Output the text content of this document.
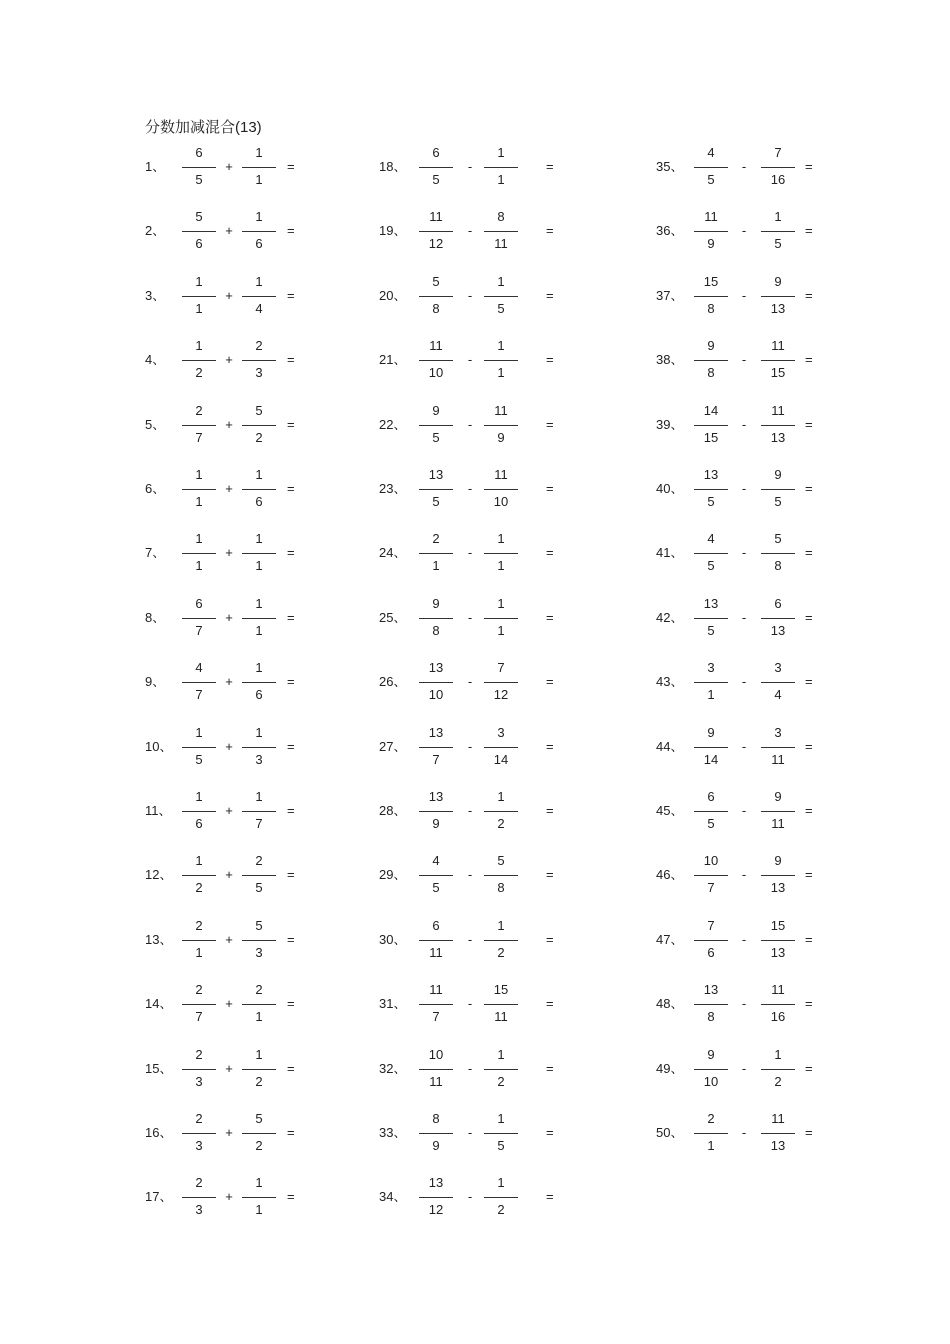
分数加减混合(13)
1、
6
5
+
1
1
=
2、
5
6
+
1
6
=
3、
1
1
+
1
4
=
4、
1
2
+
2
3
=
5、
2
7
+
5
2
=
6、
1
1
+
1
6
=
7、
1
1
+
1
1
=
8、
6
7
+
1
1
=
9、
4
7
+
1
6
=
10、
1
5
+
1
3
=
11、
1
6
+
1
7
=
12、
1
2
+
2
5
=
13、
2
1
+
5
3
=
14、
2
7
+
2
1
=
15、
2
3
+
1
2
=
16、
2
3
+
5
2
=
17、
2
3
+
1
1
=
18、
6
5
-
1
1
=
19、
11
12
-
8
11
=
20、
5
8
-
1
5
=
21、
11
10
-
1
1
=
22、
9
5
-
11
9
=
23、
13
5
-
11
10
=
24、
2
1
-
1
1
=
25、
9
8
-
1
1
=
26、
13
10
-
7
12
=
27、
13
7
-
3
14
=
28、
13
9
-
1
2
=
29、
4
5
-
5
8
=
30、
6
11
-
1
2
=
31、
11
7
-
15
11
=
32、
10
11
-
1
2
=
33、
8
9
-
1
5
=
34、
13
12
-
1
2
=
35、
4
5
-
7
16
=
36、
11
9
-
1
5
=
37、
15
8
-
9
13
=
38、
9
8
-
11
15
=
39、
14
15
-
11
13
=
40、
13
5
-
9
5
=
41、
4
5
-
5
8
=
42、
13
5
-
6
13
=
43、
3
1
-
3
4
=
44、
9
14
-
3
11
=
45、
6
5
-
9
11
=
46、
10
7
-
9
13
=
47、
7
6
-
15
13
=
48、
13
8
-
11
16
=
49、
9
10
-
1
2
=
50、
2
1
-
11
13
=
